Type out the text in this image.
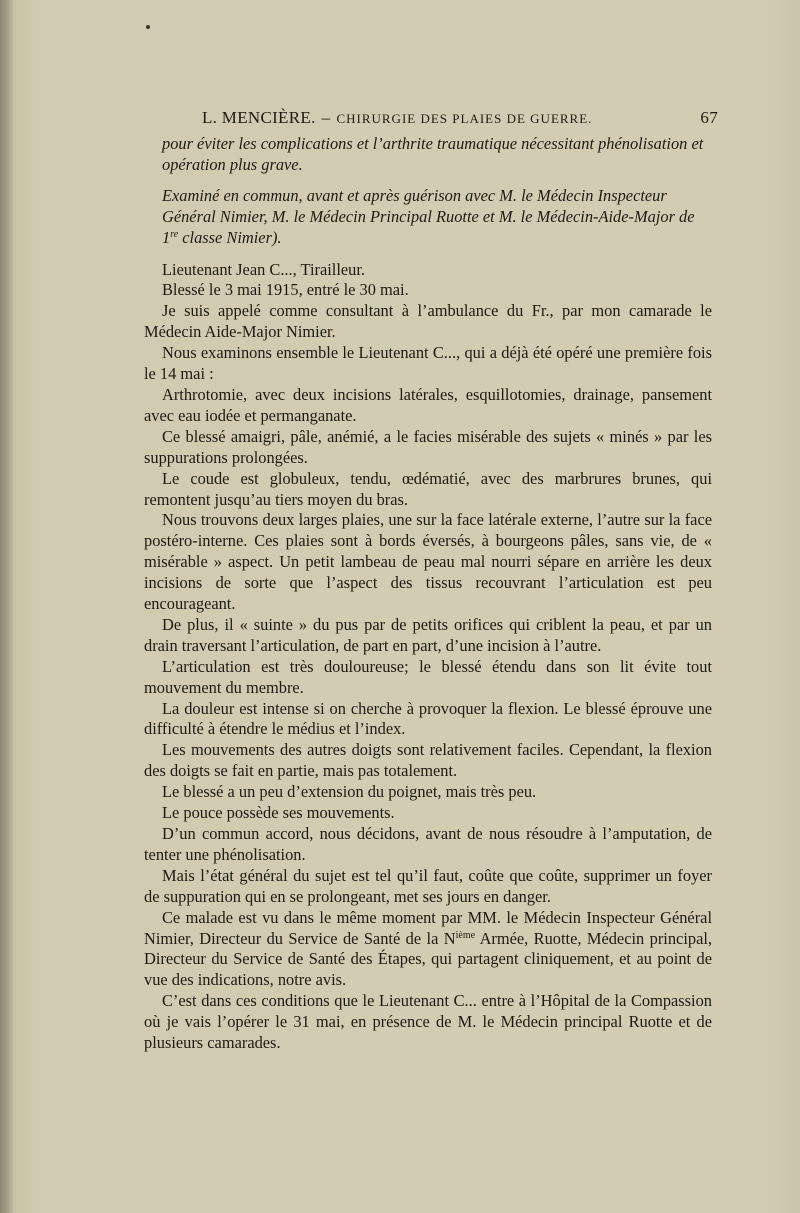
L. MENCIÈRE. – CHIRURGIE DES PLAIES DE GUERRE.	67

pour éviter les complications et l’arthrite traumatique nécessitant phénolisation et opération plus grave.

Examiné en commun, avant et après guérison avec M. le Médecin Inspecteur Général Nimier, M. le Médecin Principal Ruotte et M. le Médecin-Aide-Major de 1re classe Nimier).

Lieutenant Jean C..., Tirailleur.

Blessé le 3 mai 1915, entré le 30 mai.

Je suis appelé comme consultant à l’ambulance du Fr., par mon camarade le Médecin Aide-Major Nimier.

Nous examinons ensemble le Lieutenant C..., qui a déjà été opéré une première fois le 14 mai :

Arthrotomie, avec deux incisions latérales, esquillotomies, drainage, pansement avec eau iodée et permanganate.

Ce blessé amaigri, pâle, anémié, a le facies misérable des sujets « minés » par les suppurations prolongées.

Le coude est globuleux, tendu, œdématié, avec des marbrures brunes, qui remontent jusqu’au tiers moyen du bras.

Nous trouvons deux larges plaies, une sur la face latérale externe, l’autre sur la face postéro-interne. Ces plaies sont à bords éversés, à bourgeons pâles, sans vie, de « misérable » aspect. Un petit lambeau de peau mal nourri sépare en arrière les deux incisions de sorte que l’aspect des tissus recouvrant l’articulation est peu encourageant.

De plus, il « suinte » du pus par de petits orifices qui criblent la peau, et par un drain traversant l’articulation, de part en part, d’une incision à l’autre.

L’articulation est très douloureuse; le blessé étendu dans son lit évite tout mouvement du membre.

La douleur est intense si on cherche à provoquer la flexion. Le blessé éprouve une difficulté à étendre le médius et l’index.

Les mouvements des autres doigts sont relativement faciles. Cependant, la flexion des doigts se fait en partie, mais pas totalement.

Le blessé a un peu d’extension du poignet, mais très peu.

Le pouce possède ses mouvements.

D’un commun accord, nous décidons, avant de nous résoudre à l’amputation, de tenter une phénolisation.

Mais l’état général du sujet est tel qu’il faut, coûte que coûte, supprimer un foyer de suppuration qui en se prolongeant, met ses jours en danger.

Ce malade est vu dans le même moment par MM. le Médecin Inspecteur Général Nimier, Directeur du Service de Santé de la $N^{ième}$ Armée, Ruotte, Médecin principal, Directeur du Service de Santé des Étapes, qui partagent cliniquement, et au point de vue des indications, notre avis.

C’est dans ces conditions que le Lieutenant C... entre à l’Hôpital de la Compassion où je vais l’opérer le 31 mai, en présence de M. le Médecin principal Ruotte et de plusieurs camarades.
